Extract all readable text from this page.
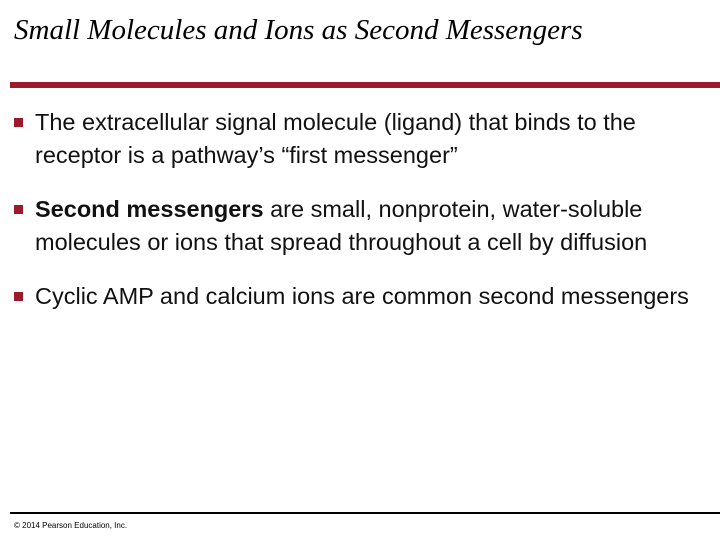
Small Molecules and Ions as Second Messengers
The extracellular signal molecule (ligand) that binds to the receptor is a pathway’s “first messenger”
Second messengers are small, nonprotein, water-soluble molecules or ions that spread throughout a cell by diffusion
Cyclic AMP and calcium ions are common second messengers
© 2014 Pearson Education, Inc.
